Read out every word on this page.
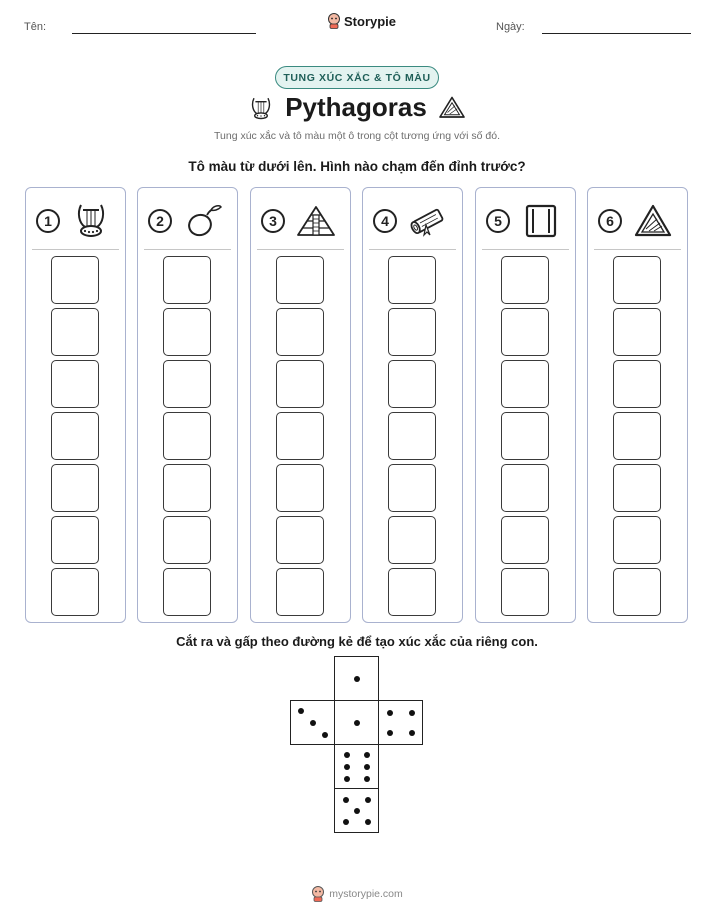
Tên:	Storypie	Ngày:
TUNG XÚC XẮC & TÔ MÀU
Pythagoras
Tung xúc xắc và tô màu một ô trong cột tương ứng với số đó.
Tô màu từ dưới lên. Hình nào chạm đến đỉnh trước?
1	2	3	4	5	6
Cắt ra và gấp theo đường kẻ để tạo xúc xắc của riêng con.
mystorypie.com
